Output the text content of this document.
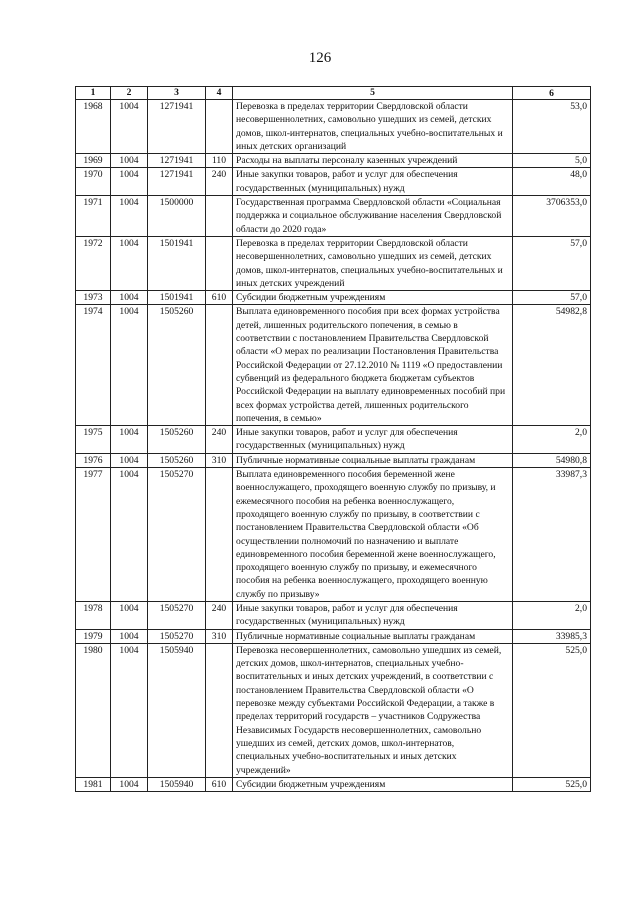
126
1	2	3	4	5	6
1968	1004	1271941		Перевозка в пределах территории Свердловской области несовершеннолетних, самовольно ушедших из семей, детских домов, школ-интернатов, специальных учебно-воспитательных и иных детских организаций	53,0
1969	1004	1271941	110	Расходы на выплаты персоналу казенных учреждений	5,0
1970	1004	1271941	240	Иные закупки товаров, работ и услуг для обеспечения государственных (муниципальных) нужд	48,0
1971	1004	1500000		Государственная программа Свердловской области «Социальная поддержка и социальное обслуживание населения Свердловской области до 2020 года»	3706353,0
1972	1004	1501941		Перевозка в пределах территории Свердловской области несовершеннолетних, самовольно ушедших из семей, детских домов, школ-интернатов, специальных учебно-воспитательных и иных детских учреждений	57,0
1973	1004	1501941	610	Субсидии бюджетным учреждениям	57,0
1974	1004	1505260		Выплата единовременного пособия при всех формах устройства детей, лишенных родительского попечения, в семью в соответствии с постановлением Правительства Свердловской области «О мерах по реализации Постановления Правительства Российской Федерации от 27.12.2010 № 1119 «О предоставлении субвенций из федерального бюджета бюджетам субъектов Российской Федерации на выплату единовременных пособий при всех формах устройства детей, лишенных родительского попечения, в семью»	54982,8
1975	1004	1505260	240	Иные закупки товаров, работ и услуг для обеспечения государственных (муниципальных) нужд	2,0
1976	1004	1505260	310	Публичные нормативные социальные выплаты гражданам	54980,8
1977	1004	1505270		Выплата единовременного пособия беременной жене военнослужащего, проходящего военную службу по призыву, и ежемесячного пособия на ребенка военнослужащего, проходящего военную службу по призыву, в соответствии с постановлением Правительства Свердловской области «Об осуществлении полномочий по назначению и выплате единовременного пособия беременной жене военнослужащего, проходящего военную службу по призыву, и ежемесячного пособия на ребенка военнослужащего, проходящего военную службу по призыву»	33987,3
1978	1004	1505270	240	Иные закупки товаров, работ и услуг для обеспечения государственных (муниципальных) нужд	2,0
1979	1004	1505270	310	Публичные нормативные социальные выплаты гражданам	33985,3
1980	1004	1505940		Перевозка несовершеннолетних, самовольно ушедших из семей, детских домов, школ-интернатов, специальных учебно-воспитательных и иных детских учреждений, в соответствии с постановлением Правительства Свердловской области «О перевозке между субъектами Российской Федерации, а также в пределах территорий государств – участников Содружества Независимых Государств несовершеннолетних, самовольно ушедших из семей, детских домов, школ-интернатов, специальных учебно-воспитательных и иных детских учреждений»	525,0
1981	1004	1505940	610	Субсидии бюджетным учреждениям	525,0
